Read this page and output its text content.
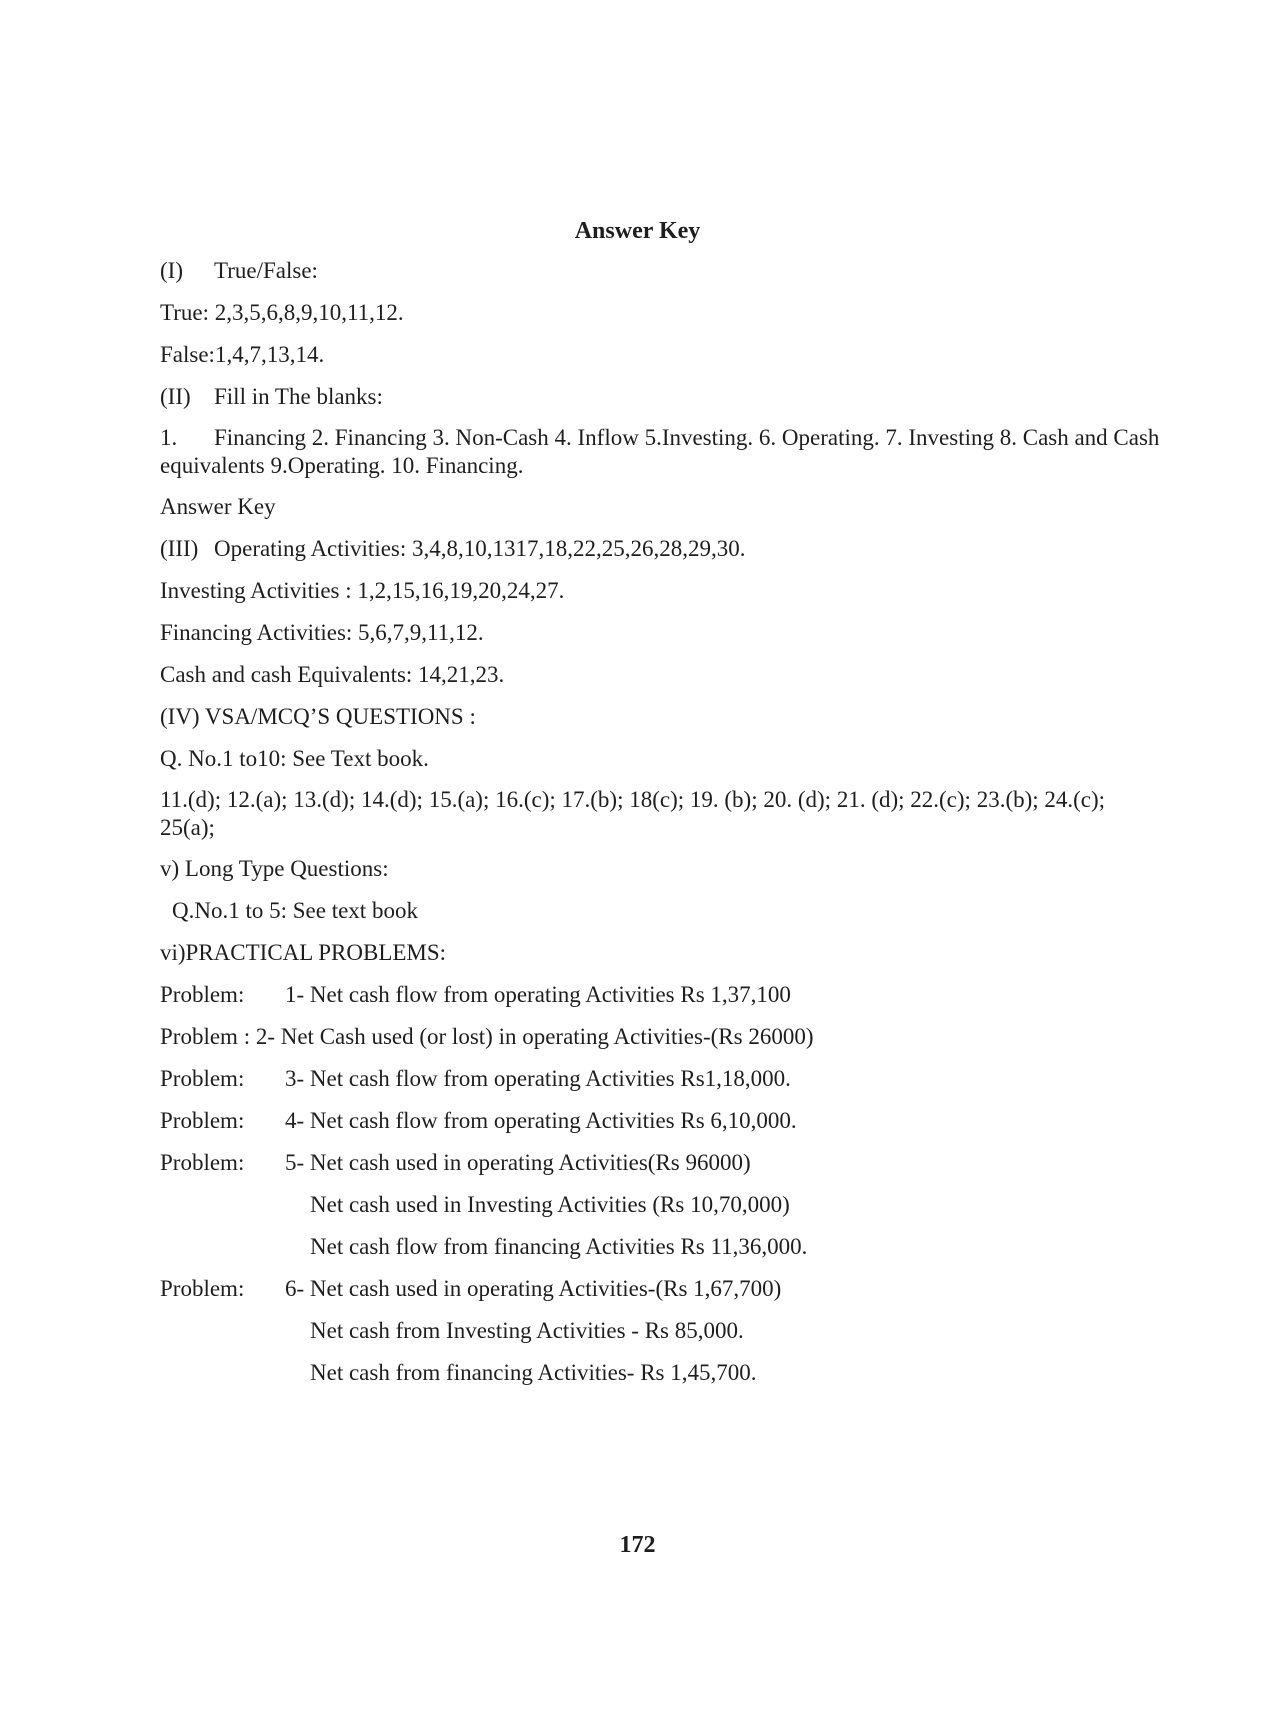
Answer Key
(I) True/False:
True: 2,3,5,6,8,9,10,11,12.
False:1,4,7,13,14.
(II) Fill in The blanks:
1. Financing 2. Financing 3. Non-Cash 4. Inflow 5.Investing. 6. Operating. 7. Investing 8. Cash and Cash equivalents 9.Operating. 10. Financing.
Answer Key
(III) Operating Activities: 3,4,8,10,1317,18,22,25,26,28,29,30.
Investing Activities : 1,2,15,16,19,20,24,27.
Financing Activities: 5,6,7,9,11,12.
Cash and cash Equivalents: 14,21,23.
(IV) VSA/MCQ’S QUESTIONS :
Q. No.1 to10: See Text book.
11.(d); 12.(a); 13.(d); 14.(d); 15.(a); 16.(c); 17.(b); 18(c); 19. (b); 20. (d); 21. (d); 22.(c); 23.(b); 24.(c); 25(a);
v) Long Type Questions:
Q.No.1 to 5: See text book
vi)PRACTICAL PROBLEMS:
Problem: 1- Net cash flow from operating Activities Rs 1,37,100
Problem : 2- Net Cash used (or lost) in operating Activities-(Rs 26000)
Problem: 3- Net cash flow from operating Activities Rs1,18,000.
Problem: 4- Net cash flow from operating Activities Rs 6,10,000.
Problem: 5- Net cash used in operating Activities(Rs 96000)
Net cash used in Investing Activities (Rs 10,70,000)
Net cash flow from financing Activities Rs 11,36,000.
Problem: 6- Net cash used in operating Activities-(Rs 1,67,700)
Net cash from Investing Activities - Rs 85,000.
Net cash from financing Activities- Rs 1,45,700.
172
